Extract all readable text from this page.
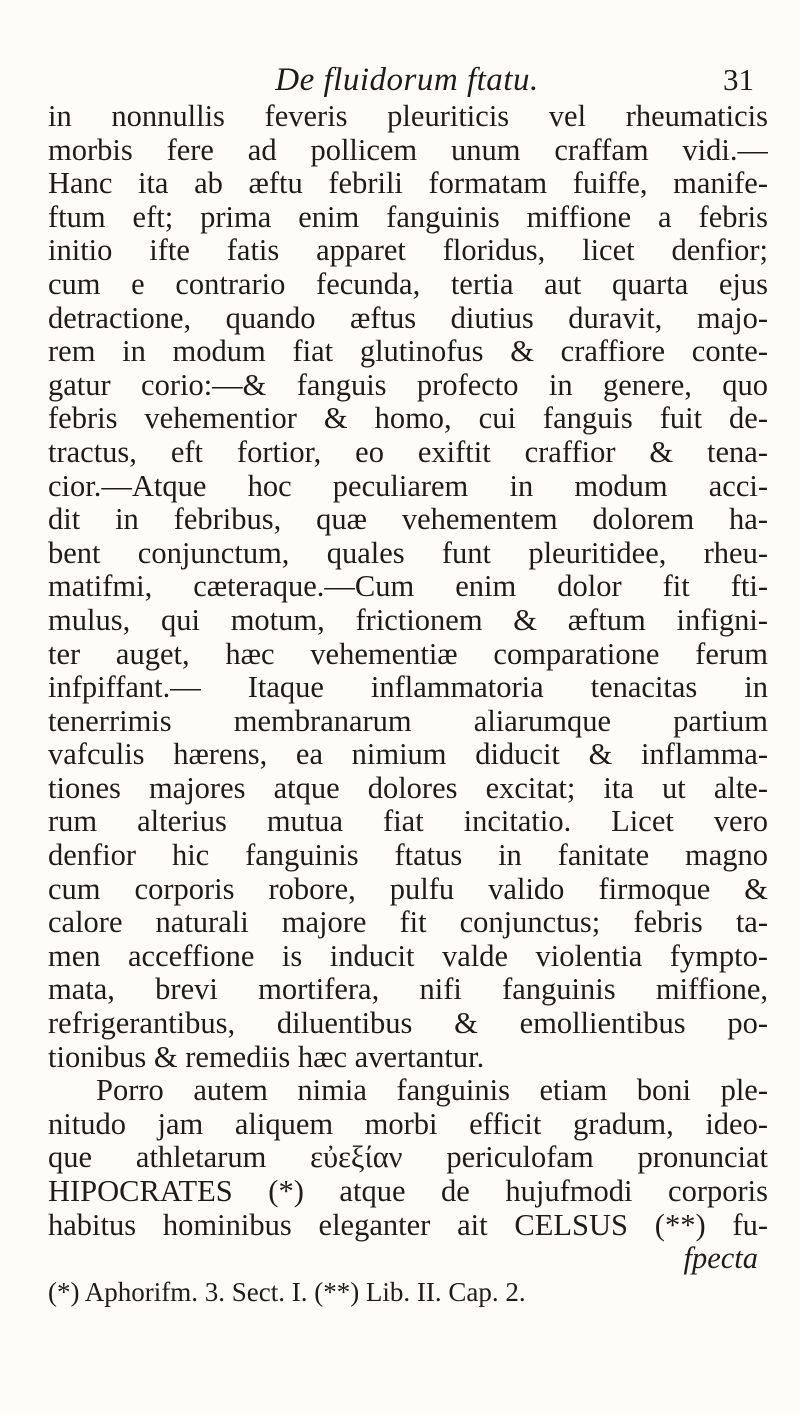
De fluidorum ftatu.	31
in nonnullis feveris pleuriticis vel rheumaticis
morbis fere ad pollicem unum craffam vidi.—
Hanc ita ab æftu febrili formatam fuiffe, manife-
ftum eft; prima enim fanguinis miffione a febris
initio ifte fatis apparet floridus, licet denfior;
cum e contrario fecunda, tertia aut quarta ejus
detractione, quando æftus diutius duravit, majo-
rem in modum fiat glutinofus & craffiore conte-
gatur corio:—& fanguis profecto in genere, quo
febris vehementior & homo, cui fanguis fuit de-
tractus, eft fortior, eo exiftit craffior & tena-
cior.—Atque hoc peculiarem in modum acci-
dit in febribus, quæ vehementem dolorem ha-
bent conjunctum, quales funt pleuritidee, rheu-
matifmi, cæteraque.—Cum enim dolor fit fti-
mulus, qui motum, frictionem & æftum infigni-
ter auget, hæc vehementiæ comparatione ferum
infpiffant.— Itaque inflammatoria tenacitas in
tenerrimis membranarum aliarumque partium
vafculis hærens, ea nimium diducit & inflamma-
tiones majores atque dolores excitat; ita ut alte-
rum alterius mutua fiat incitatio. Licet vero
denfior hic fanguinis ftatus in fanitate magno
cum corporis robore, pulfu valido firmoque &
calore naturali majore fit conjunctus; febris ta-
men acceffione is inducit valde violentia fympto-
mata, brevi mortifera, nifi fanguinis miffione,
refrigerantibus, diluentibus & emollientibus po-
tionibus & remediis hæc avertantur.
Porro autem nimia fanguinis etiam boni ple-
nitudo jam aliquem morbi efficit gradum, ideo-
que athletarum εὐεξίαν periculofam pronunciat
HIPOCRATES (*) atque de hujufmodi corporis
habitus hominibus eleganter ait CELSUS (**) fu-
fpecta
(*) Aphorifm. 3. Sect. I. (**) Lib. II. Cap. 2.
